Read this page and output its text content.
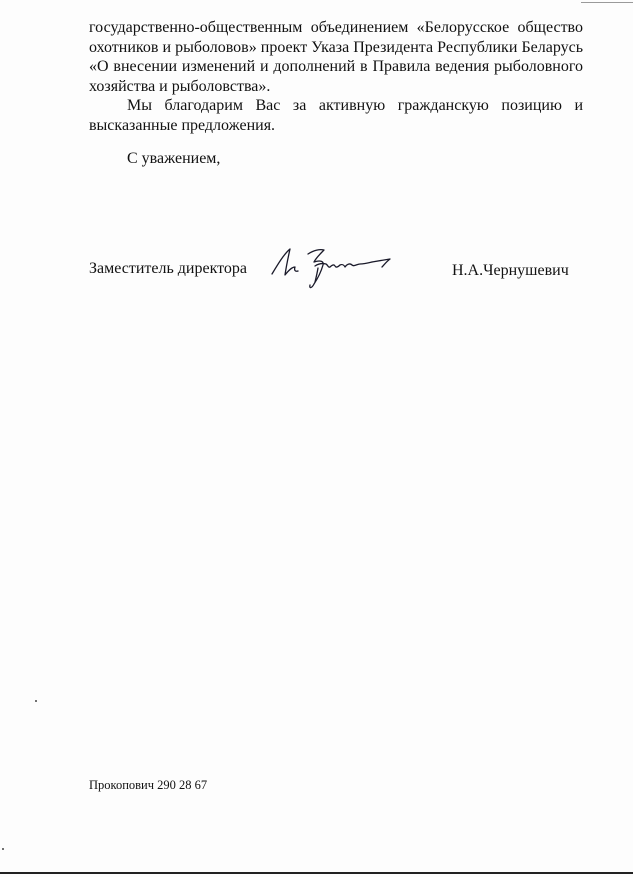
государственно-общественным объединением «Белорусское общество
охотников и рыболовов» проект Указа Президента Республики Беларусь
«О внесении изменений и дополнений в Правила ведения рыболовного
хозяйства и рыболовства».
Мы благодарим Вас за активную гражданскую позицию и
высказанные предложения.
С уважением,
Заместитель директора	Н.А.Чернушевич
Прокопович 290 28 67
